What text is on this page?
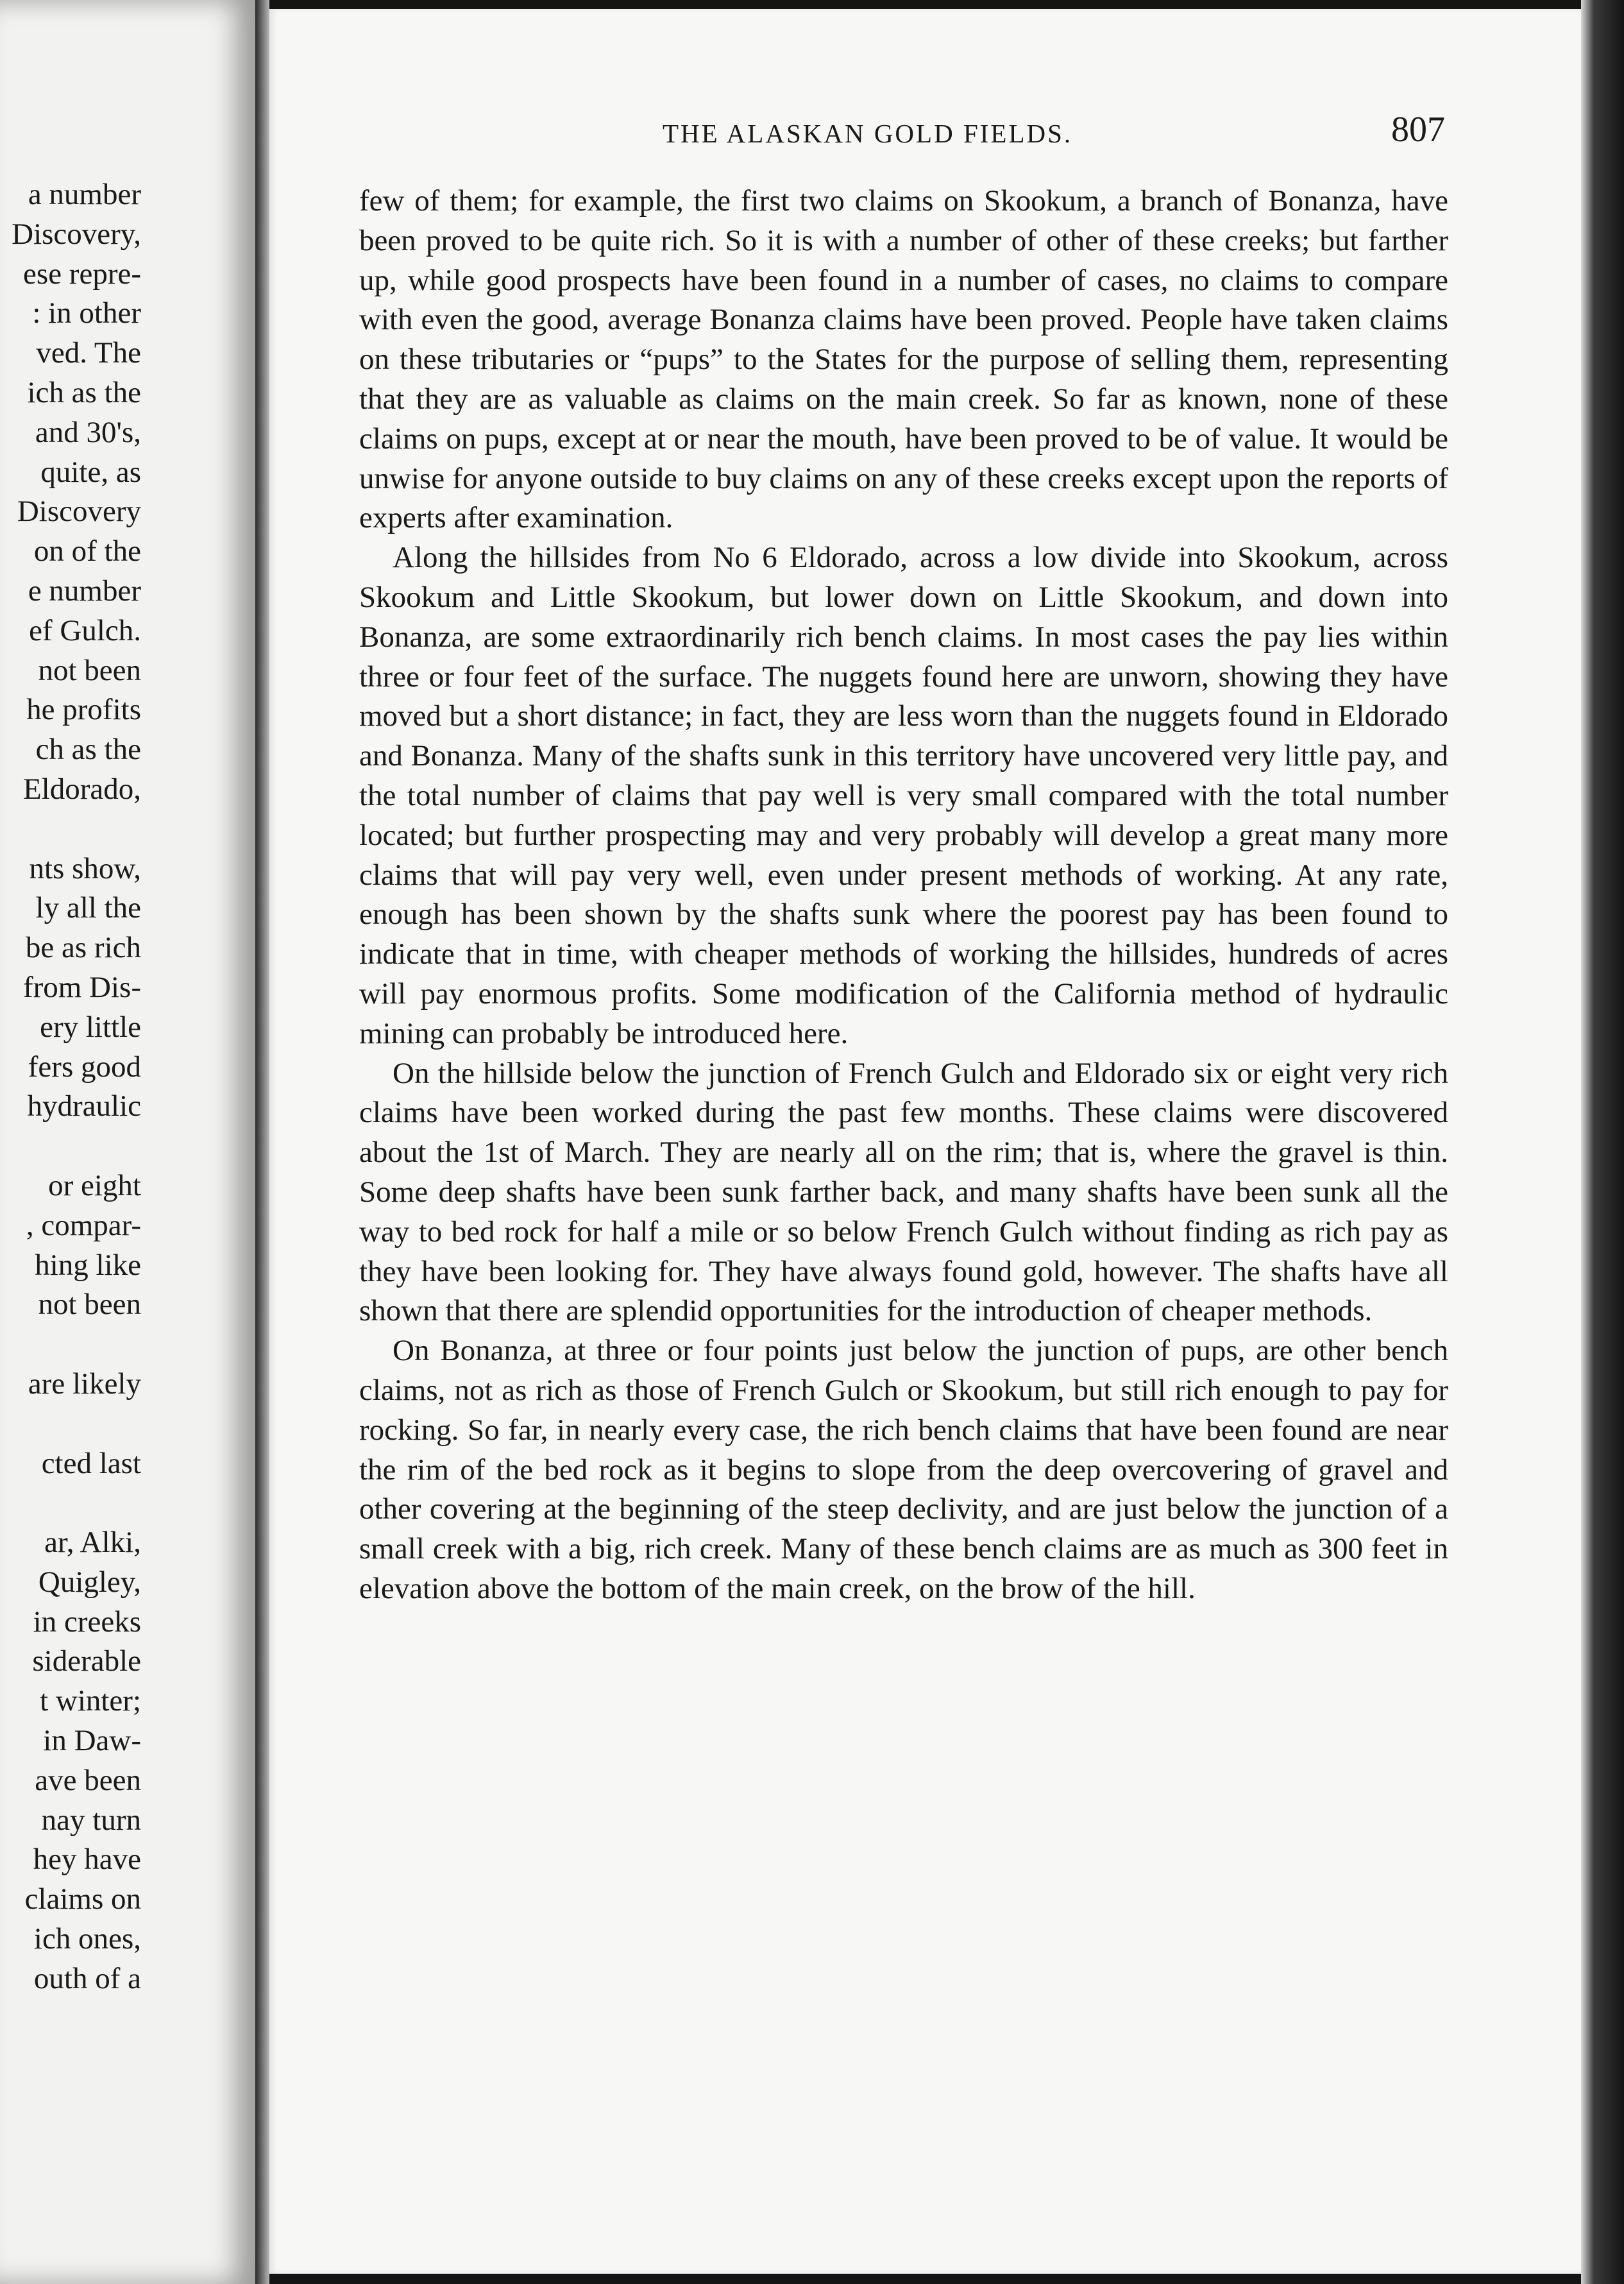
a number
Discovery,
ese repre-
: in other
ved. The
ich as the
and 30's,
quite, as
Discovery
on of the
e number
ef Gulch.
not been
he profits
ch as the
Eldorado,
nts show,
ly all the
be as rich
from Dis-
ery little
fers good
hydraulic
or eight
, compar-
hing like
not been
are likely
cted last
ar, Alki,
Quigley,
in creeks
siderable
t winter;
in Daw-
ave been
nay turn
hey have
claims on
ich ones,
outh of a
THE ALASKAN GOLD FIELDS.	807

few of them; for example, the first two claims on Skookum, a branch of Bonanza, have been proved to be quite rich. So it is with a number of other of these creeks; but farther up, while good prospects have been found in a number of cases, no claims to compare with even the good, average Bonanza claims have been proved. People have taken claims on these tributaries or “pups” to the States for the purpose of selling them, representing that they are as valuable as claims on the main creek. So far as known, none of these claims on pups, except at or near the mouth, have been proved to be of value. It would be unwise for anyone outside to buy claims on any of these creeks except upon the reports of experts after examination.

Along the hillsides from No 6 Eldorado, across a low divide into Skookum, across Skookum and Little Skookum, but lower down on Little Skookum, and down into Bonanza, are some extraordinarily rich bench claims. In most cases the pay lies within three or four feet of the surface. The nuggets found here are unworn, showing they have moved but a short distance; in fact, they are less worn than the nuggets found in Eldorado and Bonanza. Many of the shafts sunk in this territory have uncovered very little pay, and the total number of claims that pay well is very small compared with the total number located; but further prospecting may and very probably will develop a great many more claims that will pay very well, even under present methods of working. At any rate, enough has been shown by the shafts sunk where the poorest pay has been found to indicate that in time, with cheaper methods of working the hillsides, hundreds of acres will pay enormous profits. Some modification of the California method of hydraulic mining can probably be introduced here.

On the hillside below the junction of French Gulch and Eldorado six or eight very rich claims have been worked during the past few months. These claims were discovered about the 1st of March. They are nearly all on the rim; that is, where the gravel is thin. Some deep shafts have been sunk farther back, and many shafts have been sunk all the way to bed rock for half a mile or so below French Gulch without finding as rich pay as they have been looking for. They have always found gold, however. The shafts have all shown that there are splendid opportunities for the introduction of cheaper methods.

On Bonanza, at three or four points just below the junction of pups, are other bench claims, not as rich as those of French Gulch or Skookum, but still rich enough to pay for rocking. So far, in nearly every case, the rich bench claims that have been found are near the rim of the bed rock as it begins to slope from the deep overcovering of gravel and other covering at the beginning of the steep declivity, and are just below the junction of a small creek with a big, rich creek. Many of these bench claims are as much as 300 feet in elevation above the bottom of the main creek, on the brow of the hill.
